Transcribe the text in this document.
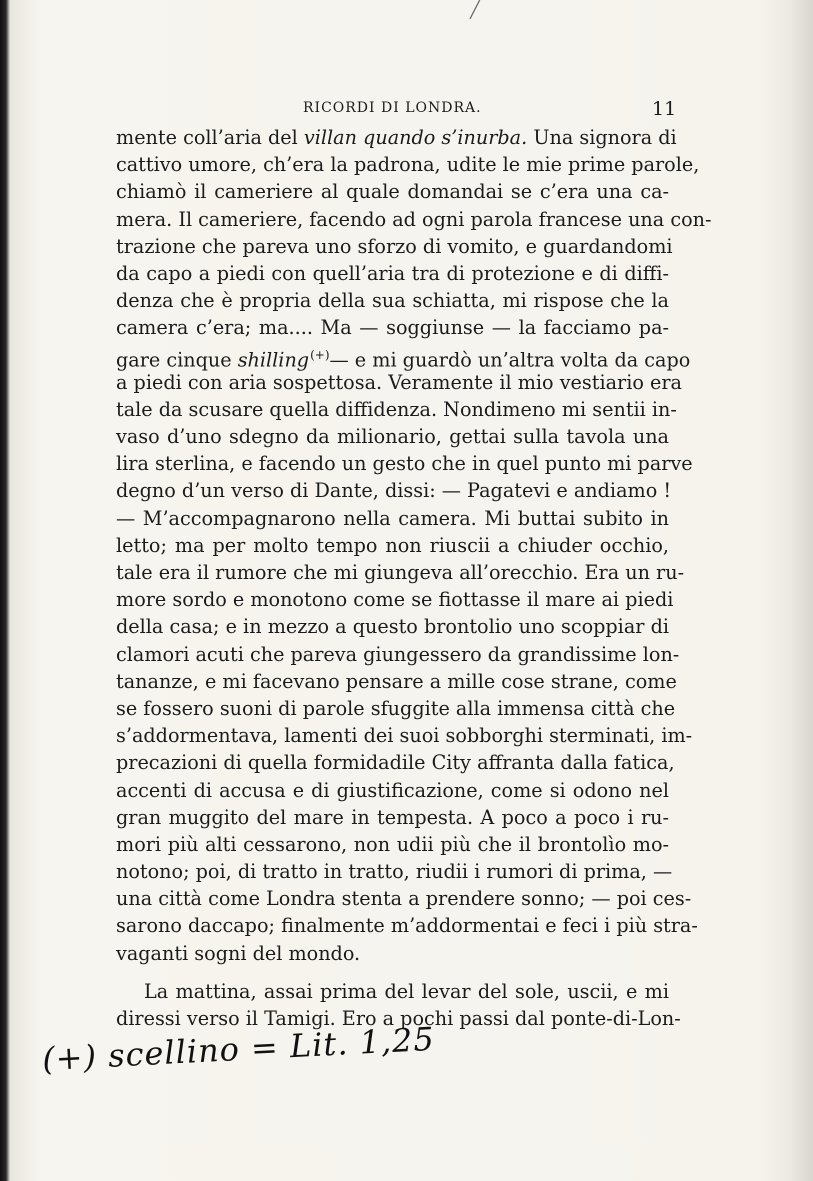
╱
RICORDI DI LONDRA.	11
mente coll’aria del villan quando s’inurba. Una signora di
cattivo umore, ch’era la padrona, udite le mie prime parole,
chiamò il cameriere al quale domandai se c’era una ca-
mera. Il cameriere, facendo ad ogni parola francese una con-
trazione che pareva uno sforzo di vomito, e guardandomi
da capo a piedi con quell’aria tra di protezione e di diffi-
denza che è propria della sua schiatta, mi rispose che la
camera c’era; ma.... Ma — soggiunse — la facciamo pa-
gare cinque shilling(+)— e mi guardò un’altra volta da capo
a piedi con aria sospettosa. Veramente il mio vestiario era
tale da scusare quella diffidenza. Nondimeno mi sentii in-
vaso d’uno sdegno da milionario, gettai sulla tavola una
lira sterlina, e facendo un gesto che in quel punto mi parve
degno d’un verso di Dante, dissi: — Pagatevi e andiamo !
— M’accompagnarono nella camera. Mi buttai subito in
letto; ma per molto tempo non riuscii a chiuder occhio,
tale era il rumore che mi giungeva all’orecchio. Era un ru-
more sordo e monotono come se fiottasse il mare ai piedi
della casa; e in mezzo a questo brontolio uno scoppiar di
clamori acuti che pareva giungessero da grandissime lon-
tananze, e mi facevano pensare a mille cose strane, come
se fossero suoni di parole sfuggite alla immensa città che
s’addormentava, lamenti dei suoi sobborghi sterminati, im-
precazioni di quella formidadile City affranta dalla fatica,
accenti di accusa e di giustificazione, come si odono nel
gran muggito del mare in tempesta. A poco a poco i ru-
mori più alti cessarono, non udii più che il brontolìo mo-
notono; poi, di tratto in tratto, riudii i rumori di prima, —
una città come Londra stenta a prendere sonno; — poi ces-
sarono daccapo; finalmente m’addormentai e feci i più stra-
vaganti sogni del mondo.
La mattina, assai prima del levar del sole, uscii, e mi
diressi verso il Tamigi. Ero a pochi passi dal ponte-di-Lon-
(+) scellino = Lit. 1,25
